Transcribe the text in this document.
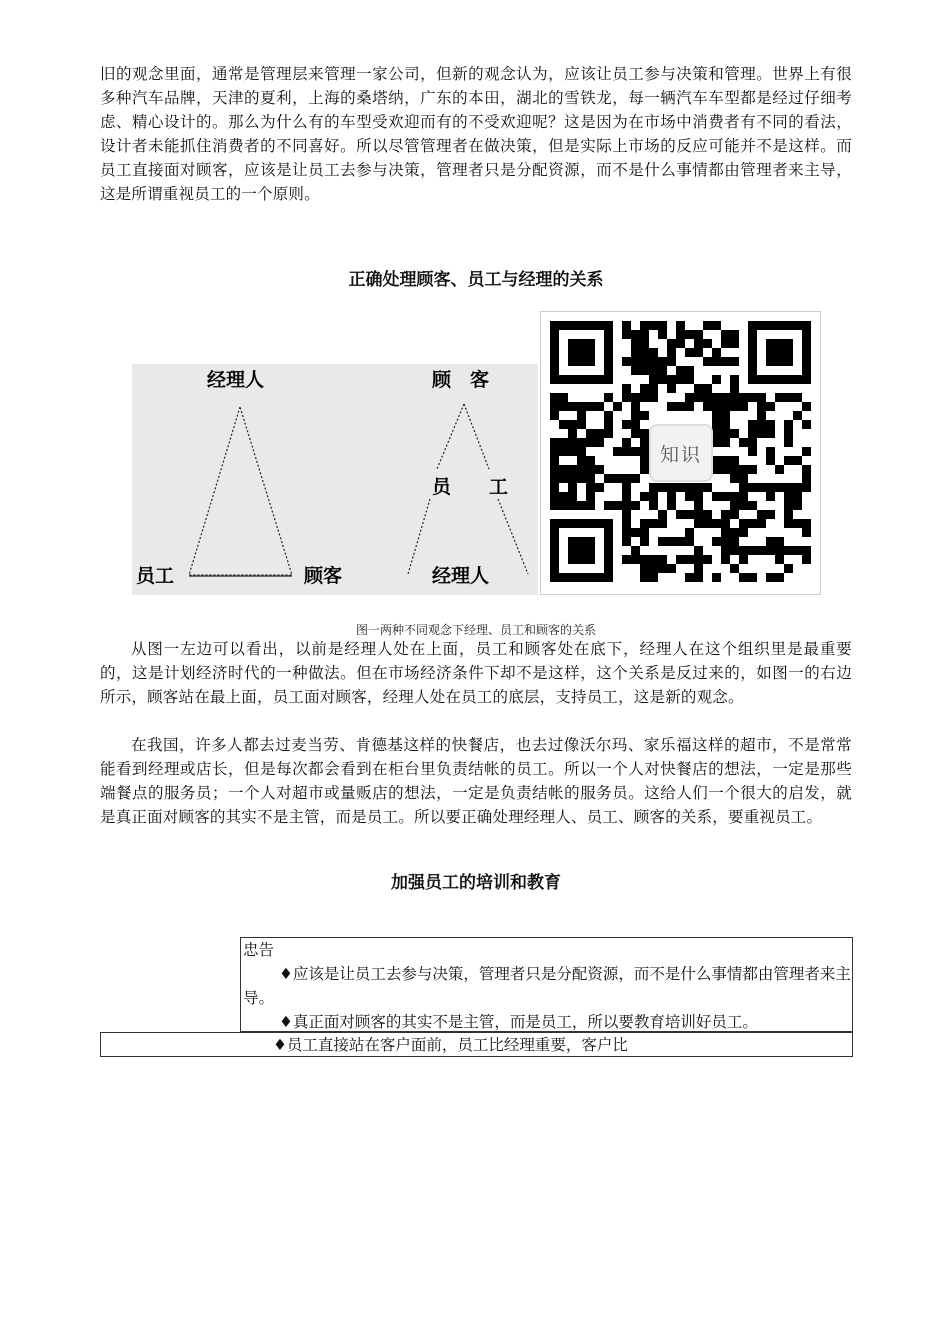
旧的观念里面，通常是管理层来管理一家公司，但新的观念认为，应该让员工参与决策和管理。世界上有很多种汽车品牌，天津的夏利，上海的桑塔纳，广东的本田，湖北的雪铁龙，每一辆汽车车型都是经过仔细考虑、精心设计的。那么为什么有的车型受欢迎而有的不受欢迎呢？这是因为在市场中消费者有不同的看法，设计者未能抓住消费者的不同喜好。所以尽管管理者在做决策，但是实际上市场的反应可能并不是这样。而员工直接面对顾客，应该是让员工去参与决策，管理者只是分配资源，而不是什么事情都由管理者来主导，这是所谓重视员工的一个原则。

正确处理顾客、员工与经理的关系
经理人
员工	顾客
顾　客
员　　工
经理人
知识

图一两种不同观念下经理、员工和顾客的关系

从图一左边可以看出，以前是经理人处在上面，员工和顾客处在底下，经理人在这个组织里是最重要的，这是计划经济时代的一种做法。但在市场经济条件下却不是这样，这个关系是反过来的，如图一的右边所示，顾客站在最上面，员工面对顾客，经理人处在员工的底层，支持员工，这是新的观念。

在我国，许多人都去过麦当劳、肯德基这样的快餐店，也去过像沃尔玛、家乐福这样的超市，不是常常能看到经理或店长，但是每次都会看到在柜台里负责结帐的员工。所以一个人对快餐店的想法，一定是那些端餐点的服务员；一个人对超市或量贩店的想法，一定是负责结帐的服务员。这给人们一个很大的启发，就是真正面对顾客的其实不是主管，而是员工。所以要正确处理经理人、员工、顾客的关系，要重视员工。

加强员工的培训和教育

忠告

♦应该是让员工去参与决策，管理者只是分配资源，而不是什么事情都由管理者来主导。

♦真正面对顾客的其实不是主管，而是员工，所以要教育培训好员工。

♦员工直接站在客户面前，员工比经理重要，客户比
